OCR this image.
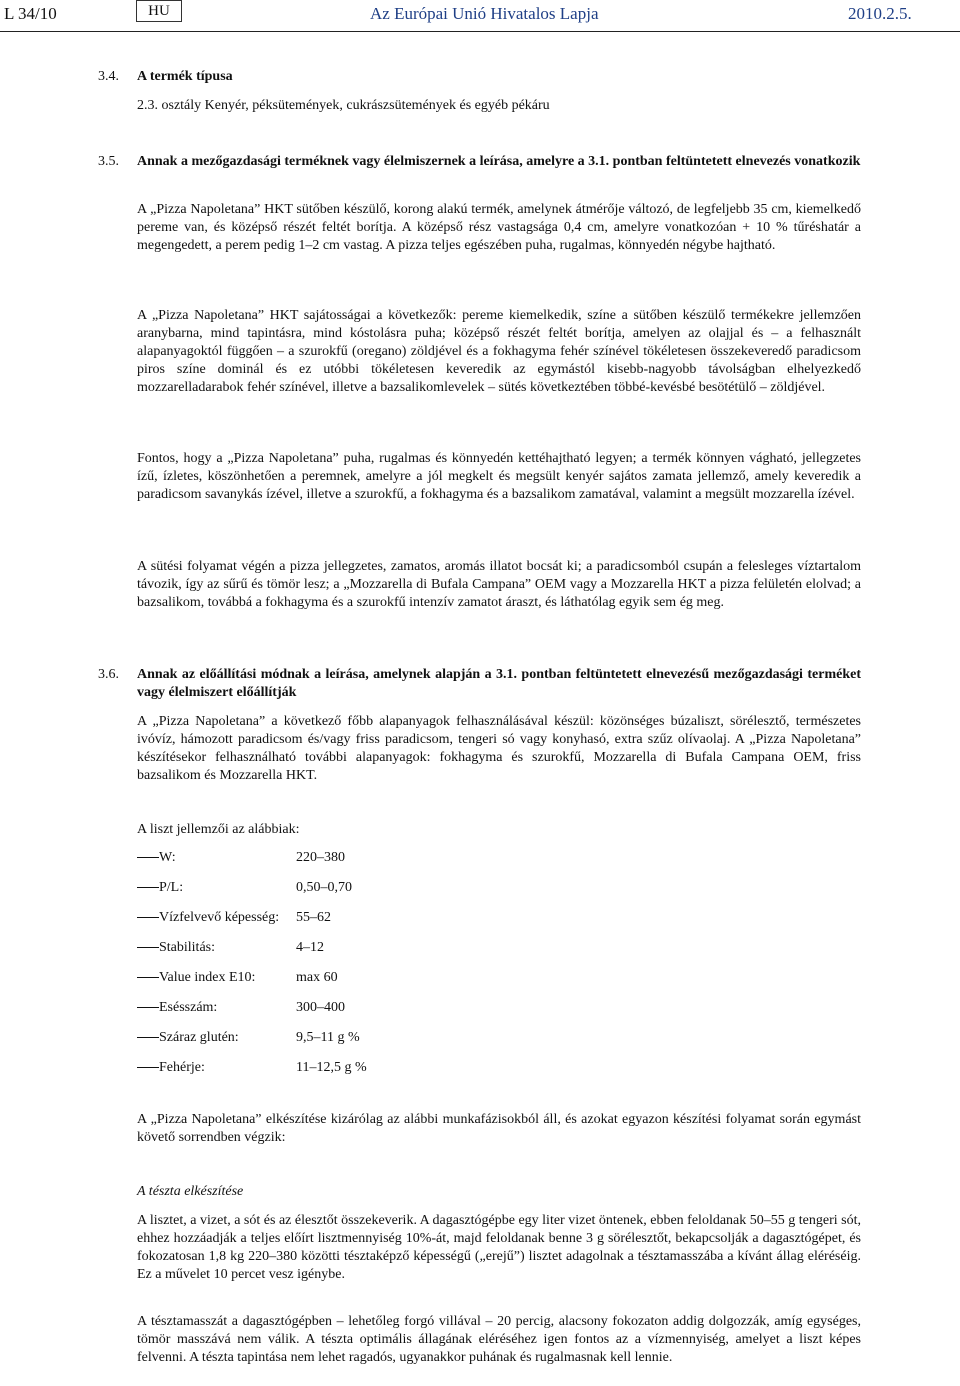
L 34/10	HU	Az Európai Unió Hivatalos Lapja	2010.2.5.
3.4. A termék típusa
2.3. osztály Kenyér, péksütemények, cukrászsütemények és egyéb pékáru
3.5. Annak a mezőgazdasági terméknek vagy élelmiszernek a leírása, amelyre a 3.1. pontban feltüntetett elnevezés vonatkozik
A „Pizza Napoletana” HKT sütőben készülő, korong alakú termék, amelynek átmérője változó, de legfeljebb 35 cm, kiemelkedő pereme van, és középső részét feltét borítja. A középső rész vastagsága 0,4 cm, amelyre vonatkozóan + 10 % tűréshatár a megengedett, a perem pedig 1–2 cm vastag. A pizza teljes egészében puha, rugalmas, könnyedén négybe hajtható.
A „Pizza Napoletana” HKT sajátosságai a következők: pereme kiemelkedik, színe a sütőben készülő termékekre jellemzően aranybarna, mind tapintásra, mind kóstolásra puha; középső részét feltét borítja, amelyen az olajjal és – a felhasznált alapanyagoktól függően – a szurokfű (oregano) zöldjével és a fokhagyma fehér színével tökéletesen összekeveredő paradicsom piros színe dominál és ez utóbbi tökéletesen keveredik az egymástól kisebb-nagyobb távolságban elhelyezkedő mozzarelladarabok fehér színével, illetve a bazsalikomlevelek – sütés következtében többé-kevésbé besötétülő – zöldjével.
Fontos, hogy a „Pizza Napoletana” puha, rugalmas és könnyedén kettéhajtható legyen; a termék könnyen vágható, jellegzetes ízű, ízletes, köszönhetően a peremnek, amelyre a jól megkelt és megsült kenyér sajátos zamata jellemző, amely keveredik a paradicsom savanykás ízével, illetve a szurokfű, a fokhagyma és a bazsalikom zamatával, valamint a megsült mozzarella ízével.
A sütési folyamat végén a pizza jellegzetes, zamatos, aromás illatot bocsát ki; a paradicsomból csupán a felesleges víztartalom távozik, így az sűrű és tömör lesz; a „Mozzarella di Bufala Campana” OEM vagy a Mozzarella HKT a pizza felületén elolvad; a bazsalikom, továbbá a fokhagyma és a szurokfű intenzív zamatot áraszt, és láthatólag egyik sem ég meg.
3.6. Annak az előállítási módnak a leírása, amelynek alapján a 3.1. pontban feltüntetett elnevezésű mezőgazdasági terméket vagy élelmiszert előállítják
A „Pizza Napoletana” a következő főbb alapanyagok felhasználásával készül: közönséges búzaliszt, sörélesztő, természetes ivóvíz, hámozott paradicsom és/vagy friss paradicsom, tengeri só vagy konyhasó, extra szűz olívaolaj. A „Pizza Napoletana” készítésekor felhasználható további alapanyagok: fokhagyma és szurokfű, Mozzarella di Bufala Campana OEM, friss bazsalikom és Mozzarella HKT.
A liszt jellemzői az alábbiak:
W:	220–380
P/L:	0,50–0,70
Vízfelvevő képesség: 55–62
Stabilitás:	4–12
Value index E10:	max 60
Esésszám:	300–400
Száraz glutén:	9,5–11 g %
Fehérje:	11–12,5 g %
A „Pizza Napoletana” elkészítése kizárólag az alábbi munkafázisokból áll, és azokat egyazon készítési folyamat során egymást követő sorrendben végzik:
A tészta elkészítése
A lisztet, a vizet, a sót és az élesztőt összekeverik. A dagasztógépbe egy liter vizet öntenek, ebben feloldanak 50–55 g tengeri sót, ehhez hozzáadják a teljes előírt lisztmennyiség 10%-át, majd feloldanak benne 3 g sörélesztőt, bekapcsolják a dagasztógépet, és fokozatosan 1,8 kg 220–380 közötti tésztaképző képességű („erejű”) lisztet adagolnak a tésztamasszába a kívánt állag eléréséig. Ez a művelet 10 percet vesz igénybe.
A tésztamasszát a dagasztógépben – lehetőleg forgó villával – 20 percig, alacsony fokozaton addig dolgozzák, amíg egységes, tömör masszává nem válik. A tészta optimális állagának eléréséhez igen fontos az a vízmennyiség, amelyet a liszt képes felvenni. A tészta tapintása nem lehet ragadós, ugyanakkor puhának és rugalmasnak kell lennie.
